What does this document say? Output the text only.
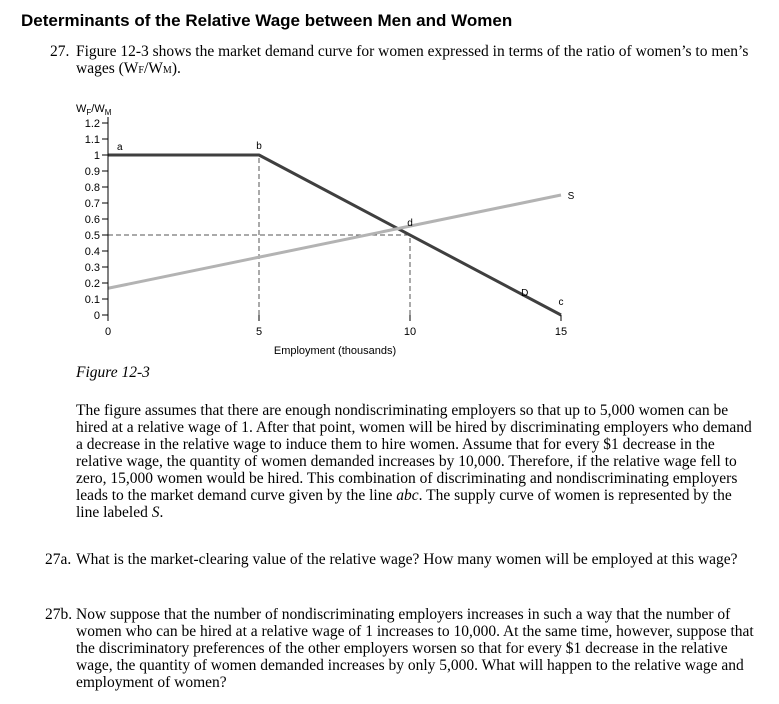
Determinants of the Relative Wage between Men and Women
27. Figure 12-3 shows the market demand curve for women expressed in terms of the ratio of women’s to men’s wages (WF/WM).
$W_F/W_M$
0
0.1
0.2
0.3
0.4
0.5
0.6
0.7
0.8
0.9
1
1.1
1.2
0	5	10	15
a	b
c
d
D
S
Employment (thousands)
Figure 12-3
The figure assumes that there are enough nondiscriminating employers so that up to 5,000 women can be hired at a relative wage of 1. After that point, women will be hired by discriminating employers who demand a decrease in the relative wage to induce them to hire women. Assume that for every $1 decrease in the relative wage, the quantity of women demanded increases by 10,000. Therefore, if the relative wage fell to zero, 15,000 women would be hired. This combination of discriminating and nondiscriminating employers leads to the market demand curve given by the line abc. The supply curve of women is represented by the line labeled S.
27a. What is the market-clearing value of the relative wage? How many women will be employed at this wage?
27b. Now suppose that the number of nondiscriminating employers increases in such a way that the number of women who can be hired at a relative wage of 1 increases to 10,000. At the same time, however, suppose that the discriminatory preferences of the other employers worsen so that for every $1 decrease in the relative wage, the quantity of women demanded increases by only 5,000. What will happen to the relative wage and employment of women?
